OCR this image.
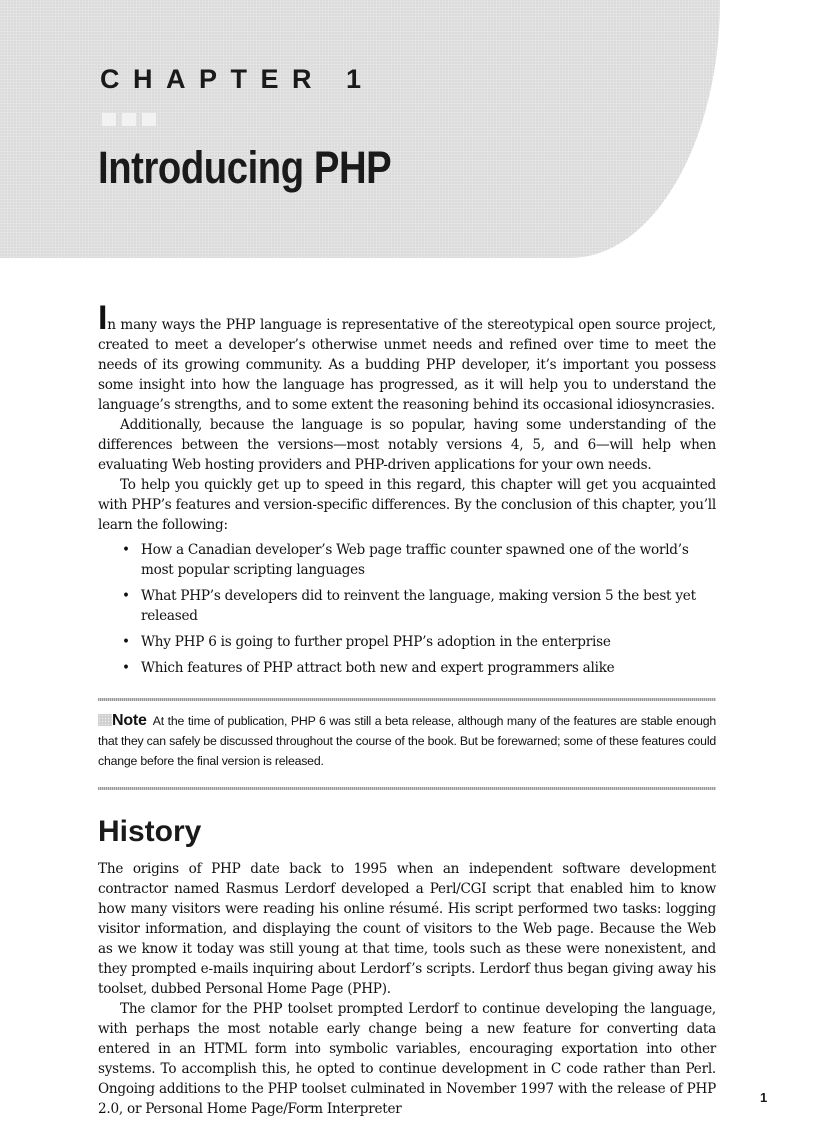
CHAPTER 1
Introducing PHP

In many ways the PHP language is representative of the stereotypical open source project, created to meet a developer’s otherwise unmet needs and refined over time to meet the needs of its growing community. As a budding PHP developer, it’s important you possess some insight into how the language has progressed, as it will help you to understand the language’s strengths, and to some extent the reasoning behind its occasional idiosyncrasies.

Additionally, because the language is so popular, having some understanding of the differences between the versions—most notably versions 4, 5, and 6—will help when evaluating Web hosting providers and PHP-driven applications for your own needs.

To help you quickly get up to speed in this regard, this chapter will get you acquainted with PHP’s features and version-specific differences. By the conclusion of this chapter, you’ll learn the following:

• How a Canadian developer’s Web page traffic counter spawned one of the world’s most popular scripting languages
• What PHP’s developers did to reinvent the language, making version 5 the best yet released
• Why PHP 6 is going to further propel PHP’s adoption in the enterprise
• Which features of PHP attract both new and expert programmers alike
Note At the time of publication, PHP 6 was still a beta release, although many of the features are stable enough that they can safely be discussed throughout the course of the book. But be forewarned; some of these features could change before the final version is released.
History

The origins of PHP date back to 1995 when an independent software development contractor named Rasmus Lerdorf developed a Perl/CGI script that enabled him to know how many visitors were reading his online résumé. His script performed two tasks: logging visitor information, and displaying the count of visitors to the Web page. Because the Web as we know it today was still young at that time, tools such as these were nonexistent, and they prompted e-mails inquiring about Lerdorf’s scripts. Lerdorf thus began giving away his toolset, dubbed Personal Home Page (PHP).

The clamor for the PHP toolset prompted Lerdorf to continue developing the language, with perhaps the most notable early change being a new feature for converting data entered in an HTML form into symbolic variables, encouraging exportation into other systems. To accomplish this, he opted to continue development in C code rather than Perl. Ongoing additions to the PHP toolset culminated in November 1997 with the release of PHP 2.0, or Personal Home Page/Form Interpreter

1
